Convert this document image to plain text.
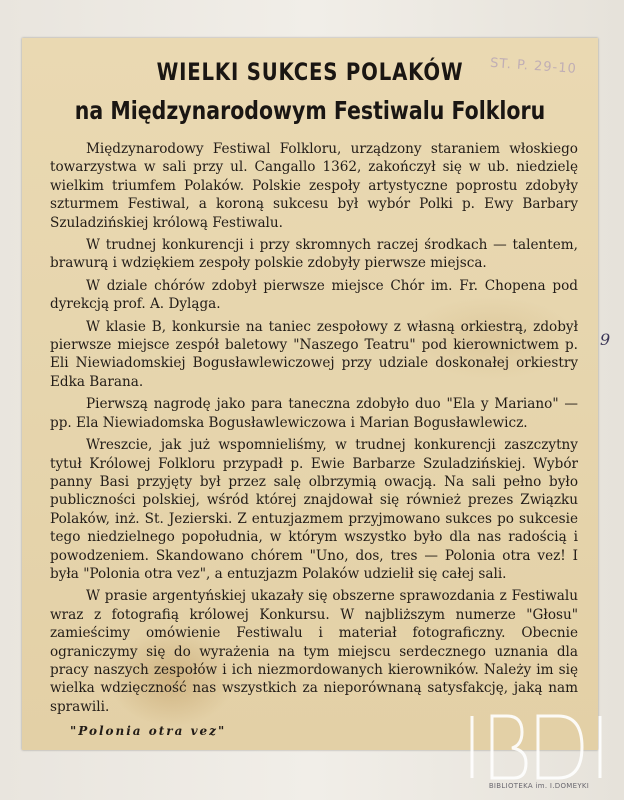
ST. P. 29-10
WIELKI SUKCES POLAKÓW
na Międzynarodowym Festiwalu Folkloru

Międzynarodowy Festiwal Folkloru, urządzony staraniem włoskiego towarzystwa w sali przy ul. Cangallo 1362, zakończył się w ub. niedzielę wielkim triumfem Polaków. Polskie zespoły artystyczne poprostu zdobyły szturmem Festiwal, a koroną sukcesu był wybór Polki p. Ewy Barbary Szuladzińskiej królową Festiwalu.

W trudnej konkurencji i przy skromnych raczej środkach — talentem, brawurą i wdziękiem zespoły polskie zdobyły pierwsze miejsca.

W dziale chórów zdobył pierwsze miejsce Chór im. Fr. Chopena pod dyrekcją prof. A. Dyląga.

W klasie B, konkursie na taniec zespołowy z własną orkiestrą, zdobył pierwsze miejsce zespół baletowy "Naszego Teatru" pod kierownictwem p. Eli Niewiadomskiej Bogusławlewiczowej przy udziale doskonałej orkiestry Edka Barana.

Pierwszą nagrodę jako para taneczna zdobyło duo "Ela y Mariano" — pp. Ela Niewiadomska Bogusławlewiczowa i Marian Bogusławlewicz.

Wreszcie, jak już wspomnieliśmy, w trudnej konkurencji zaszczytny tytuł Królowej Folkloru przypadł p. Ewie Barbarze Szuladzińskiej. Wybór panny Basi przyjęty był przez salę olbrzymią owacją. Na sali pełno było publiczności polskiej, wśród której znajdował się również prezes Związku Polaków, inż. St. Jezierski. Z entuzjazmem przyjmowano sukces po sukcesie tego niedzielnego popołudnia, w którym wszystko było dla nas radością i powodzeniem. Skandowano chórem "Uno, dos, tres — Polonia otra vez! I była "Polonia otra vez", a entuzjazm Polaków udzielił się całej sali.

W prasie argentyńskiej ukazały się obszerne sprawozdania z Festiwalu wraz z fotografią królowej Konkursu. W najbliższym numerze "Głosu" zamieścimy omówienie Festiwalu i materiał fotograficzny. Obecnie ograniczymy się do wyrażenia na tym miejscu serdecznego uznania dla pracy naszych zespołów i ich niezmordowanych kierowników. Należy im się wielka wdzięczność nas wszystkich za nieporównaną satysfakcję, jaką nam sprawili.

"Polonia otra vez"

9
BIBLIOTEKA im. I.DOMEYKI
